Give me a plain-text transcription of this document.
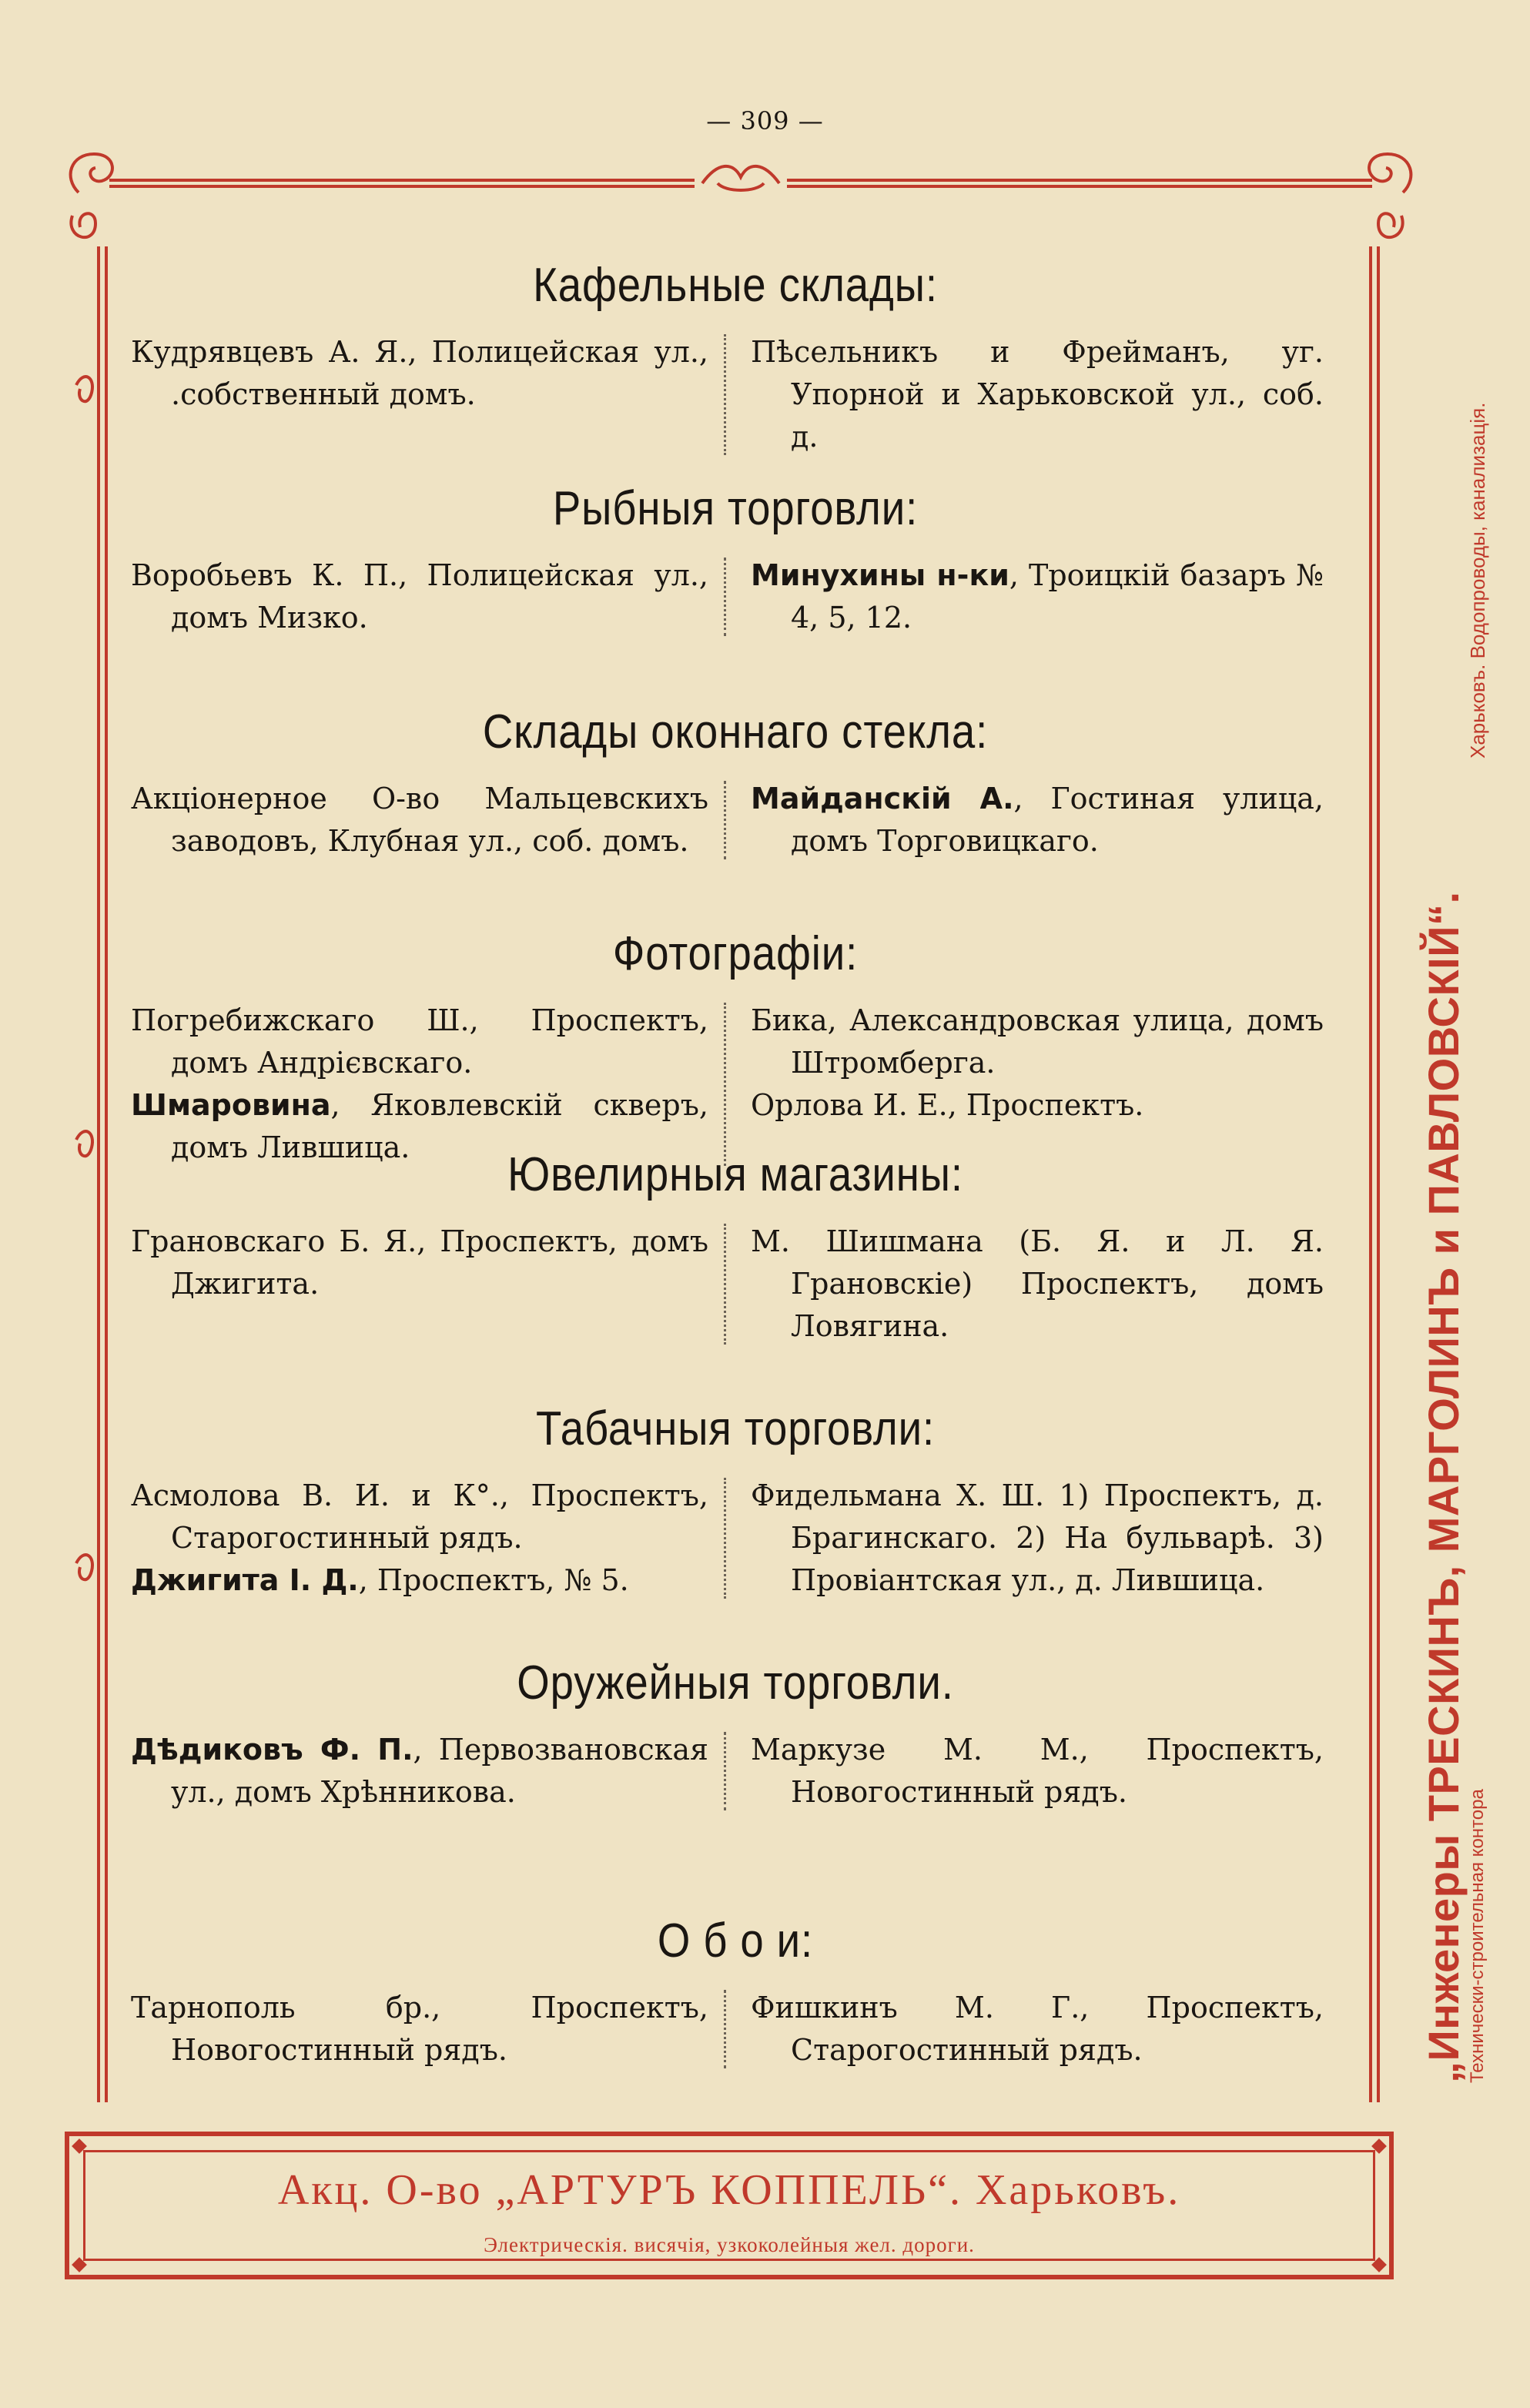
— 309 —
Кафельные склады:
Кудрявцевъ А. Я., Полицейская ул., .собственный домъ.
Пѣсельникъ и Фрейманъ, уг. Упорной и Харьковской ул., соб. д.
Рыбныя торговли:
Воробьевъ К. П., Полицейская ул., домъ Мизко.
Минухины н-ки, Троицкій базаръ № 4, 5, 12.
Склады оконнаго стекла:
Акціонерное О-во Мальцевскихъ заводовъ, Клубная ул., соб. домъ.
Майданскій А., Гостиная улица, домъ Торговицкаго.
Фотографіи:
Погребижскаго Ш., Проспектъ, домъ Андрієвскаго.
Шмаровина, Яковлевскій скверъ, домъ Лившица.
Бика, Александровская улица, домъ Штромберга.
Орлова И. Е., Проспектъ.
Ювелирныя магазины:
Грановскаго Б. Я., Проспектъ, домъ Джигита.
М. Шишмана (Б. Я. и Л. Я. Грановскіе) Проспектъ, домъ Ловягина.
Табачныя торговли:
Асмолова В. И. и К°., Проспектъ, Старогостинный рядъ.
Джигита І. Д., Проспектъ, № 5.
Фидельмана Х. Ш. 1) Проспектъ, д. Брагинскаго. 2) На бульварѣ. 3) Провіантская ул., д. Лившица.
Оружейныя торговли.
Дѣдиковъ Ф. П., Первозвановская ул., домъ Хрѣнникова.
Маркузе М. М., Проспектъ, Новогостинный рядъ.
О б о и:
Тарнополь бр., Проспектъ, Новогостинный рядъ.
Фишкинъ М. Г., Проспектъ, Старогостинный рядъ.	„Инженеры ТРЕСКИНЪ, МАРГОЛИНЪ и ПАВЛОВСКІЙ“. Технически-строительная контора
Харьковъ. Водопроводы, канализація.
Акц. О-во „АРТУРЪ КОППЕЛЬ“. Харьковъ.
Электрическія. висячія, узкоколейныя жел. дороги.
